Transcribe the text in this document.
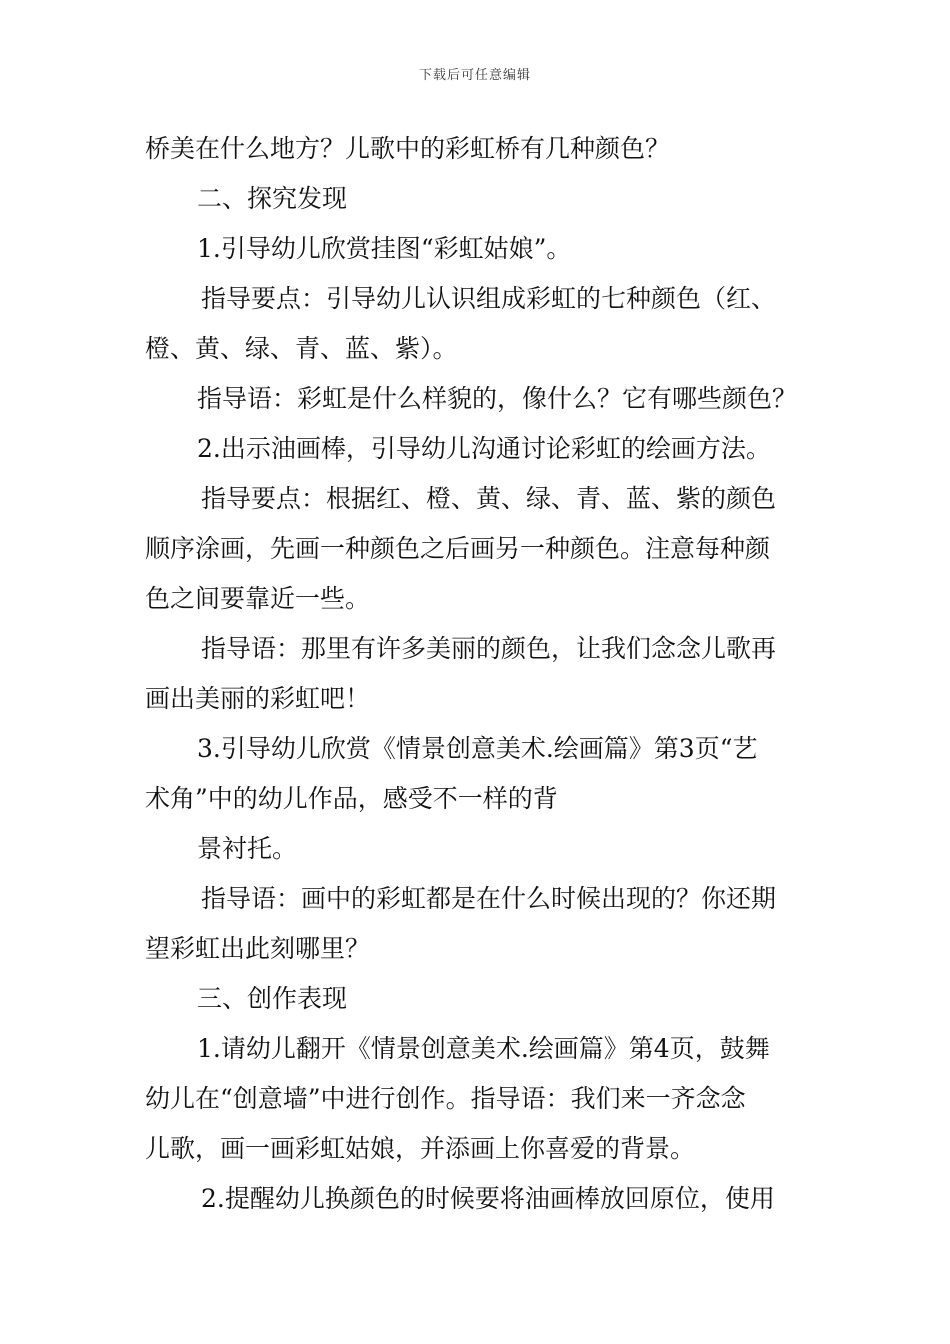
下载后可任意编辑
桥美在什么地方？儿歌中的彩虹桥有几种颜色？
二、探究发现
1.引导幼儿欣赏挂图“彩虹姑娘”。
指导要点：引导幼儿认识组成彩虹的七种颜色（红、
橙、黄、绿、青、蓝、紫）。
指导语：彩虹是什么样貌的，像什么？它有哪些颜色？
2.出示油画棒，引导幼儿沟通讨论彩虹的绘画方法。
指导要点：根据红、橙、黄、绿、青、蓝、紫的颜色
顺序涂画，先画一种颜色之后画另一种颜色。注意每种颜
色之间要靠近一些。
指导语：那里有许多美丽的颜色，让我们念念儿歌再
画出美丽的彩虹吧！
3.引导幼儿欣赏《情景创意美术.绘画篇》第3页“艺
术角”中的幼儿作品，感受不一样的背
景衬托。
指导语：画中的彩虹都是在什么时候出现的？你还期
望彩虹出此刻哪里？
三、创作表现
1.请幼儿翻开《情景创意美术.绘画篇》第4页，鼓舞
幼儿在“创意墙”中进行创作。指导语：我们来一齐念念
儿歌，画一画彩虹姑娘，并添画上你喜爱的背景。
2.提醒幼儿换颜色的时候要将油画棒放回原位，使用
